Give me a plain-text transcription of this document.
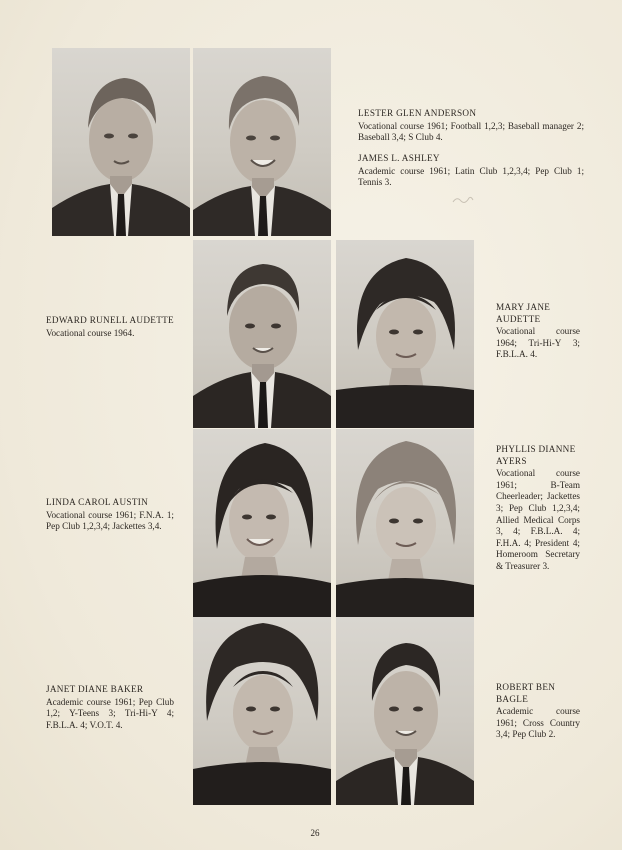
LESTER GLEN ANDERSON
Vocational course 1961; Football 1,2,3; Baseball manager 2; Baseball 3,4; S Club 4.
JAMES L. ASHLEY
Academic course 1961; Latin Club 1,2,3,4; Pep Club 1; Tennis 3.
EDWARD RUNELL AUDETTE
Vocational course 1964.
MARY JANE AUDETTE
Vocational course 1964; Tri-Hi-Y 3; F.B.L.A. 4.
LINDA CAROL AUSTIN
Vocational course 1961; F.N.A. 1; Pep Club 1,2,3,4; Jackettes 3,4.
PHYLLIS DIANNE AYERS
Vocational course 1961; B-Team Cheerleader; Jackettes 3; Pep Club 1,2,3,4; Allied Medical Corps 3, 4; F.B.L.A. 4; F.H.A. 4; President 4; Homeroom Secretary & Treasurer 3.
JANET DIANE BAKER
Academic course 1961; Pep Club 1,2; Y-Teens 3; Tri-Hi-Y 4; F.B.L.A. 4; V.O.T. 4.
ROBERT BEN BAGLE
Academic course 1961; Cross Country 3,4; Pep Club 2.
26
